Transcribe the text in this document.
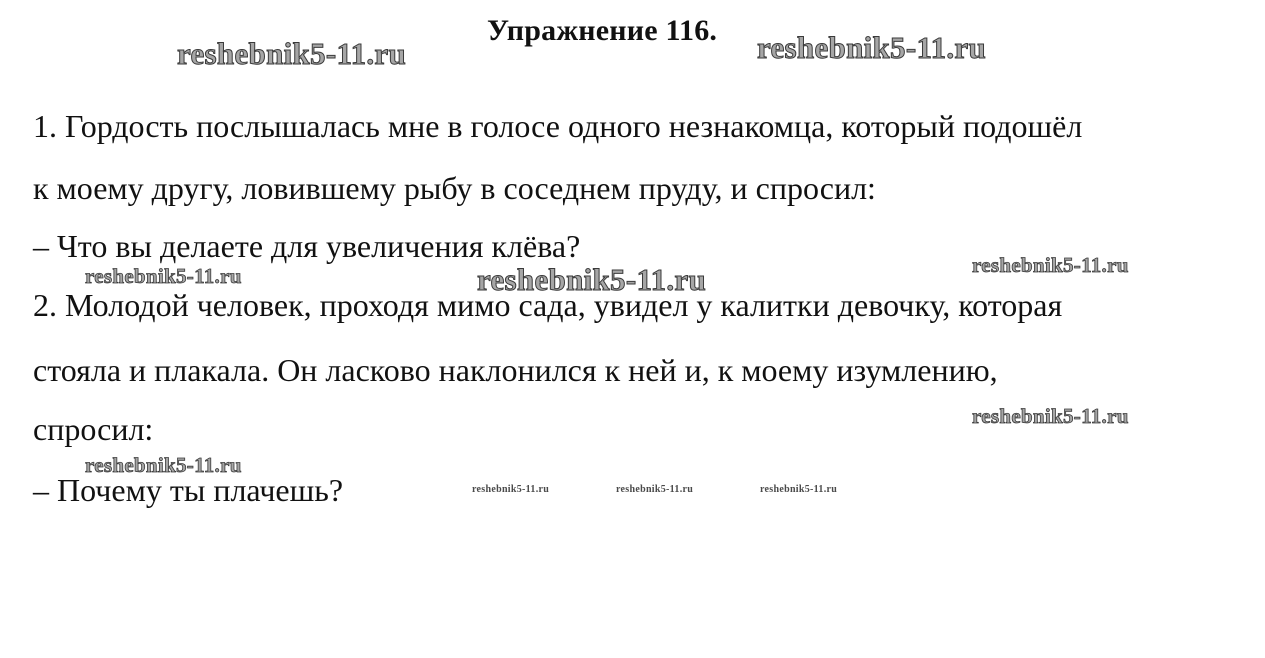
Упражнение 116.
1. Гордость послышалась мне в голосе одного незнакомца, который подошёл
к моему другу, ловившему рыбу в соседнем пруду, и спросил:
– Что вы делаете для увеличения клёва?
2. Молодой человек, проходя мимо сада, увидел у калитки девочку, которая
стояла и плакала. Он ласково наклонился к ней и, к моему изумлению,
спросил:
– Почему ты плачешь?
reshebnik5-11.ru	reshebnik5-11.ru
reshebnik5-11.ru	reshebnik5-11.ru	reshebnik5-11.ru
reshebnik5-11.ru
reshebnik5-11.ru
reshebnik5-11.ru	reshebnik5-11.ru	reshebnik5-11.ru
